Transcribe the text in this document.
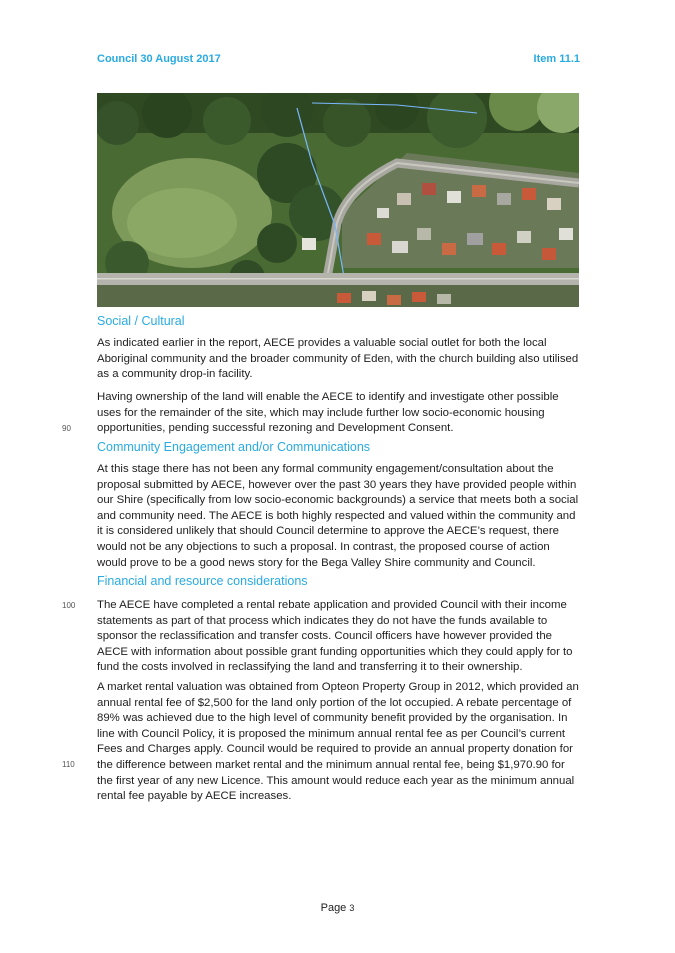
Council 30 August 2017	Item 11.1
Social / Cultural

As indicated earlier in the report, AECE provides a valuable social outlet for both the local Aboriginal community and the broader community of Eden, with the church building also utilised as a community drop-in facility.

Having ownership of the land will enable the AECE to identify and investigate other possible uses for the remainder of the site, which may include further low socio-economic housing opportunities, pending successful rezoning and Development Consent.

90
Community Engagement and/or Communications

At this stage there has not been any formal community engagement/consultation about the proposal submitted by AECE, however over the past 30 years they have provided people within our Shire (specifically from low socio-economic backgrounds) a service that meets both a social and community need. The AECE is both highly respected and valued within the community and it is considered unlikely that should Council determine to approve the AECE’s request, there would not be any objections to such a proposal. In contrast, the proposed course of action would prove to be a good news story for the Bega Valley Shire community and Council.

Financial and resource considerations

The AECE have completed a rental rebate application and provided Council with their income statements as part of that process which indicates they do not have the funds available to sponsor the reclassification and transfer costs. Council officers have however provided the AECE with information about possible grant funding opportunities which they could apply for to fund the costs involved in reclassifying the land and transferring it to their ownership.

100

A market rental valuation was obtained from Opteon Property Group in 2012, which provided an annual rental fee of $2,500 for the land only portion of the lot occupied. A rebate percentage of 89% was achieved due to the high level of community benefit provided by the organisation. In line with Council Policy, it is proposed the minimum annual rental fee as per Council’s current Fees and Charges apply. Council would be required to provide an annual property donation for the difference between market rental and the minimum annual rental fee, being $1,970.90 for the first year of any new Licence. This amount would reduce each year as the minimum annual rental fee payable by AECE increases.

110
Page 3
